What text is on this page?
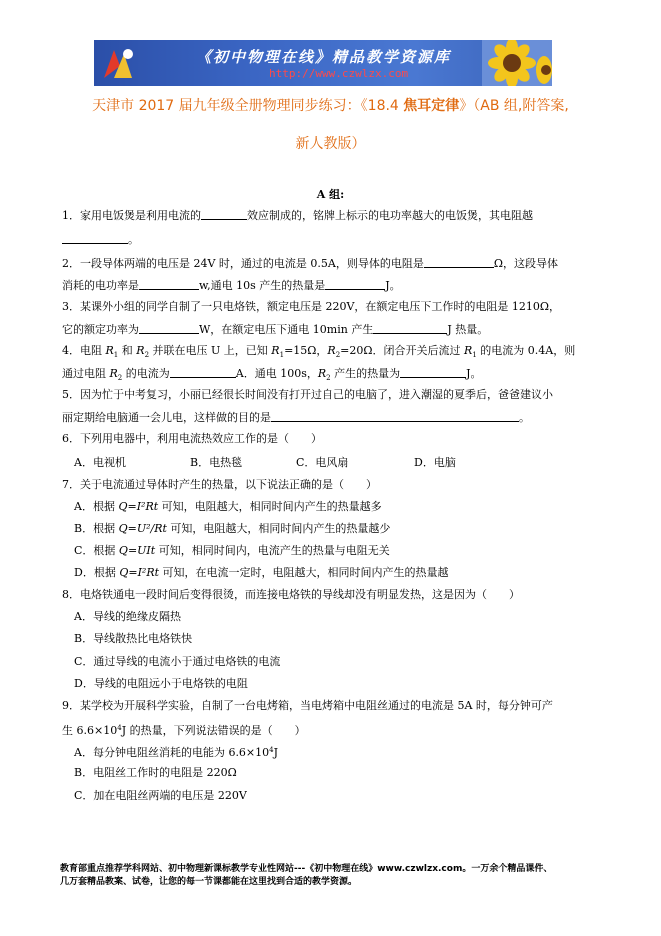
《初中物理在线》精品教学资源库
http://www.czwlzx.com
天津市 2017 届九年级全册物理同步练习：《18.4 焦耳定律》（AB 组,附答案,
新人教版）
A 组:
1．家用电饭煲是利用电流的	效应制成的，铭牌上标示的电功率越大的电饭煲，其电阻越
。
2．一段导体两端的电压是 24V 时，通过的电流是 0.5A，则导体的电阻是	Ω，这段导体
消耗的电功率是	w,通电 10s 产生的热量是	J。
3．某课外小组的同学自制了一只电烙铁，额定电压是 220V，在额定电压下工作时的电阻是 1210Ω，
它的额定功率为	W，在额定电压下通电 10min 产生	J 热量。
4．电阻 $R_1$ 和 $R_2$ 并联在电压 U 上，已知 $R_1=15\Omega$，$R_2=20\Omega$．闭合开关后流过 $R_1$ 的电流为 0.4A，则
通过电阻 $R_2$ 的电流为	A．通电 100s，$R_2$ 产生的热量为	J。
5．因为忙于中考复习，小丽已经很长时间没有打开过自己的电脑了，进入潮湿的夏季后，爸爸建议小
丽定期给电脑通一会儿电，这样做的目的是	。
6．下列用电器中，利用电流热效应工作的是（　　）
A．电视机	B．电热毯	C．电风扇	D．电脑
7．关于电流通过导体时产生的热量，以下说法正确的是（　　）
A．根据 Q=I²Rt 可知，电阻越大，相同时间内产生的热量越多
B．根据 Q=U²/Rt 可知，电阻越大，相同时间内产生的热量越少
C．根据 Q=UIt 可知，相同时间内，电流产生的热量与电阻无关
D．根据 Q=I²Rt 可知，在电流一定时，电阻越大，相同时间内产生的热量越
8．电烙铁通电一段时间后变得很烫，而连接电烙铁的导线却没有明显发热，这是因为（　　）
A．导线的绝缘皮隔热
B．导线散热比电烙铁快
C．通过导线的电流小于通过电烙铁的电流
D．导线的电阻远小于电烙铁的电阻
9．某学校为开展科学实验，自制了一台电烤箱，当电烤箱中电阻丝通过的电流是 5A 时，每分钟可产
生 $6.6\times 10^4J$ 的热量，下列说法错误的是（　　）
A．每分钟电阻丝消耗的电能为 $6.6\times 10^4J$
B．电阻丝工作时的电阻是 220Ω
C．加在电阻丝两端的电压是 220V
教育部重点推荐学科网站、初中物理新课标教学专业性网站---《初中物理在线》www.czwlzx.com。一万余个精品课件、
几万套精品教案、试卷，让您的每一节课都能在这里找到合适的教学资源。
